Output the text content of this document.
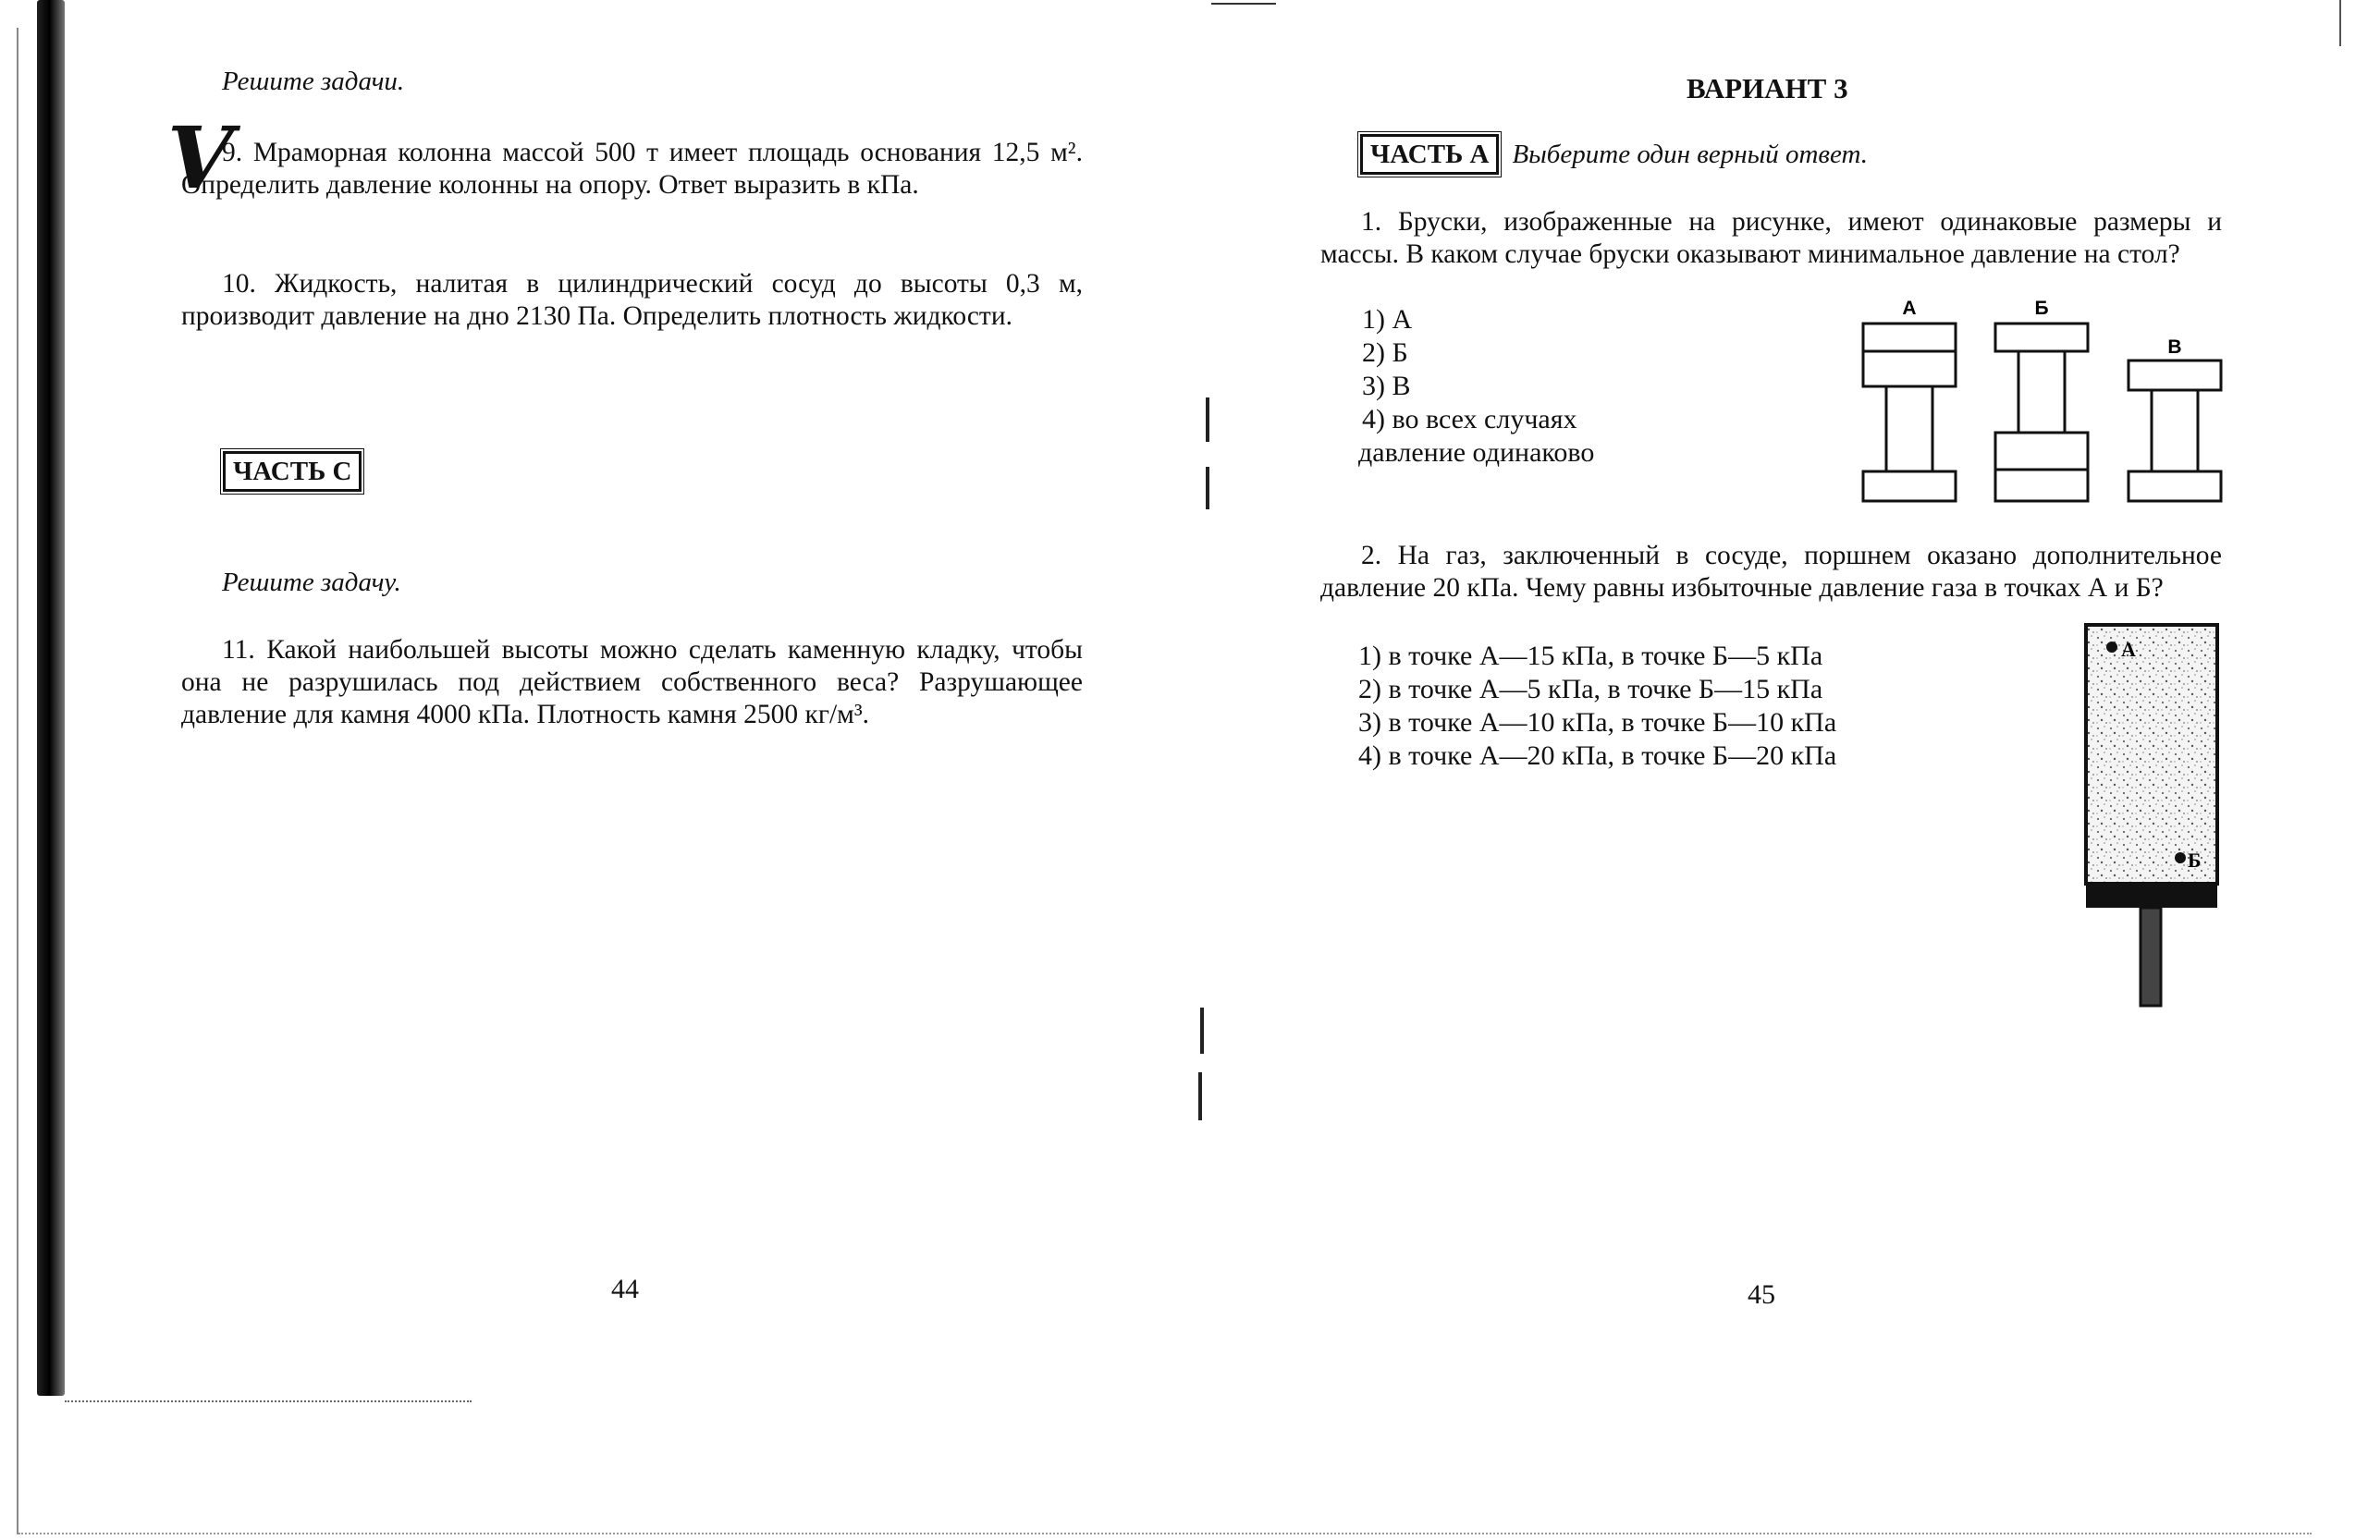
Решите задачи.
V
9. Мраморная колонна массой 500 т имеет площадь основания 12,5 м². Определить давление колонны на опору. Ответ выразить в кПа.
10. Жидкость, налитая в цилиндрический сосуд до высоты 0,3 м, производит давление на дно 2130 Па. Определить плотность жидкости.
ЧАСТЬ С
Решите задачу.
11. Какой наибольшей высоты можно сделать каменную кладку, чтобы она не разрушилась под действием собственного веса? Разрушающее давление для камня 4000 кПа. Плотность камня 2500 кг/м³.
44
ВАРИАНТ 3
ЧАСТЬ А Выберите один верный ответ.
1. Бруски, изображенные на рисунке, имеют одинаковые размеры и массы. В каком случае бруски оказывают минимальное давление на стол?
1) А
2) Б
3) В
4) во всех случаях
давление одинаково
А	Б
В
2. На газ, заключенный в сосуде, поршнем оказано дополнительное давление 20 кПа. Чему равны избыточные давление газа в точках А и Б?
1) в точке А—15 кПа, в точке Б—5 кПа
2) в точке А—5 кПа, в точке Б—15 кПа
3) в точке А—10 кПа, в точке Б—10 кПа
4) в точке А—20 кПа, в точке Б—20 кПа
А
Б
45
